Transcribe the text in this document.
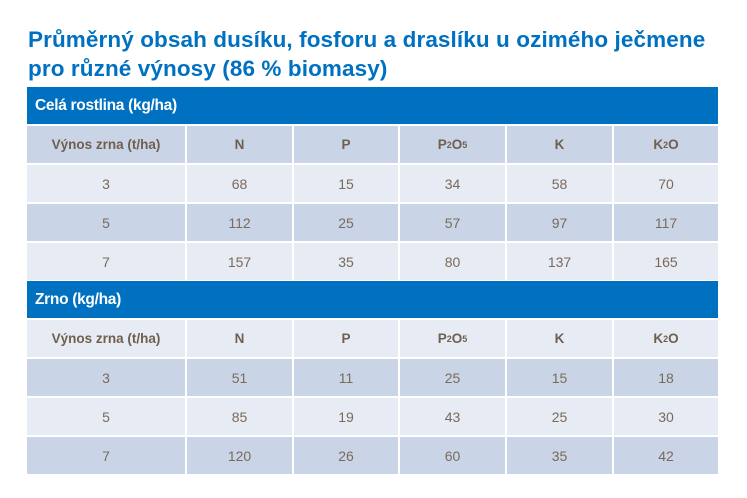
Průměrný obsah dusíku, fosforu a draslíku u ozimého ječmene pro různé výnosy (86 % biomasy)
Celá rostlina (kg/ha)
Výnos zrna (t/ha)	N	P	P 2 O 5	K	K 2 O
3	68	15	34	58	70
5	112	25	57	97	117
7	157	35	80	137	165
Zrno (kg/ha)
Výnos zrna (t/ha)	N	P	P 2 O 5	K	K 2 O
3	51	11	25	15	18
5	85	19	43	25	30
7	120	26	60	35	42
